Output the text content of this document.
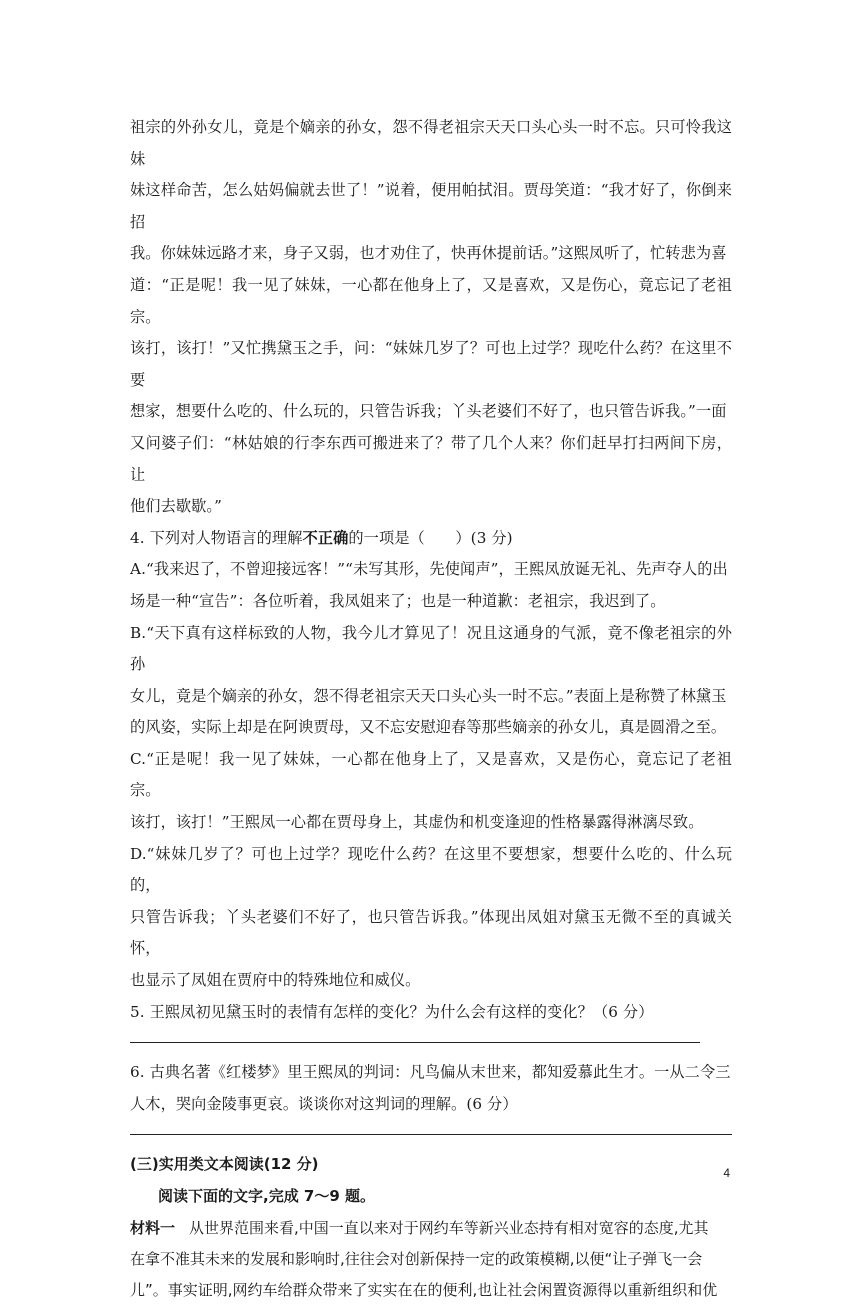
祖宗的外孙女儿，竟是个嫡亲的孙女，怨不得老祖宗天天口头心头一时不忘。只可怜我这妹

妹这样命苦，怎么姑妈偏就去世了！”说着，便用帕拭泪。贾母笑道：“我才好了，你倒来招

我。你妹妹远路才来，身子又弱，也才劝住了，快再休提前话。”这熙凤听了，忙转悲为喜

道：“正是呢！我一见了妹妹，一心都在他身上了，又是喜欢，又是伤心，竟忘记了老祖宗。

该打，该打！”又忙携黛玉之手，问：“妹妹几岁了？可也上过学？现吃什么药？在这里不要

想家，想要什么吃的、什么玩的，只管告诉我；丫头老婆们不好了，也只管告诉我。”一面

又问婆子们：“林姑娘的行李东西可搬进来了？带了几个人来？你们赶早打扫两间下房，让

他们去歇歇。”

4. 下列对人物语言的理解不正确的一项是（　　）(3 分)

A.“我来迟了，不曾迎接远客！”“未写其形，先使闻声”，王熙凤放诞无礼、先声夺人的出

场是一种“宣告”：各位听着，我凤姐来了；也是一种道歉：老祖宗，我迟到了。

B.“天下真有这样标致的人物，我今儿才算见了！况且这通身的气派，竟不像老祖宗的外孙

女儿，竟是个嫡亲的孙女，怨不得老祖宗天天口头心头一时不忘。”表面上是称赞了林黛玉

的风姿，实际上却是在阿谀贾母，又不忘安慰迎春等那些嫡亲的孙女儿，真是圆滑之至。

C.“正是呢！我一见了妹妹，一心都在他身上了，又是喜欢，又是伤心，竟忘记了老祖宗。

该打，该打！”王熙凤一心都在贾母身上，其虚伪和机变逢迎的性格暴露得淋漓尽致。

D.“妹妹几岁了？可也上过学？现吃什么药？在这里不要想家，想要什么吃的、什么玩的，

只管告诉我；丫头老婆们不好了，也只管告诉我。”体现出凤姐对黛玉无微不至的真诚关怀，

也显示了凤姐在贾府中的特殊地位和威仪。

5. 王熙凤初见黛玉时的表情有怎样的变化？为什么会有这样的变化？（6 分）

6. 古典名著《红楼梦》里王熙凤的判词：凡鸟偏从末世来，都知爱慕此生才。一从二令三

人木，哭向金陵事更哀。谈谈你对这判词的理解。(6 分）

(三)实用类文本阅读(12 分)
阅读下面的文字,完成 7～9 题。

材料一 从世界范围来看,中国一直以来对于网约车等新兴业态持有相对宽容的态度,尤其

在拿不准其未来的发展和影响时,往往会对创新保持一定的政策模糊,以便“让子弹飞一会

儿”。事实证明,网约车给群众带来了实实在在的便利,也让社会闲置资源得以重新组织和优

4
